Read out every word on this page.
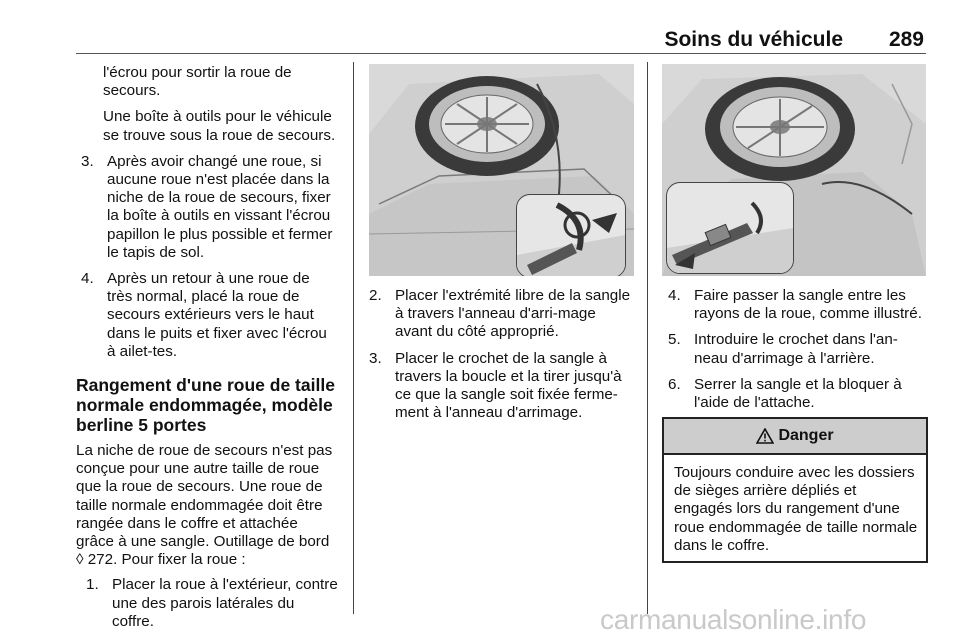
Soins du véhicule 289

l'écrou pour sortir la roue de secours.

Une boîte à outils pour le véhicule se trouve sous la roue de secours.

3. Après avoir changé une roue, si aucune roue n'est placée dans la niche de la roue de secours, fixer la boîte à outils en vissant l'écrou papillon le plus possible et fermer le tapis de sol.
4. Après un retour à une roue de très normal, placé la roue de secours extérieurs vers le haut dans le puits et fixer avec l'écrou à ailet-tes.
Rangement d'une roue de taille normale endommagée, modèle berline 5 portes

La niche de roue de secours n'est pas conçue pour une autre taille de roue que la roue de secours. Une roue de taille normale endommagée doit être rangée dans le coffre et attachée grâce à une sangle. Outillage de bord
◊ 272. Pour fixer la roue :

1. Placer la roue à l'extérieur, contre une des parois latérales du coffre.
2. Placer l'extrémité libre de la sangle à travers l'anneau d'arri-mage avant du côté approprié.
3. Placer le crochet de la sangle à travers la boucle et la tirer jusqu'à ce que la sangle soit fixée ferme-ment à l'anneau d'arrimage.
4. Faire passer la sangle entre les rayons de la roue, comme illustré.
5. Introduire le crochet dans l'an-neau d'arrimage à l'arrière.
6. Serrer la sangle et la bloquer à l'aide de l'attache.
Danger
Toujours conduire avec les dossiers de sièges arrière dépliés et engagés lors du rangement d'une roue endommagée de taille normale dans le coffre.
carmanualsonline.info
